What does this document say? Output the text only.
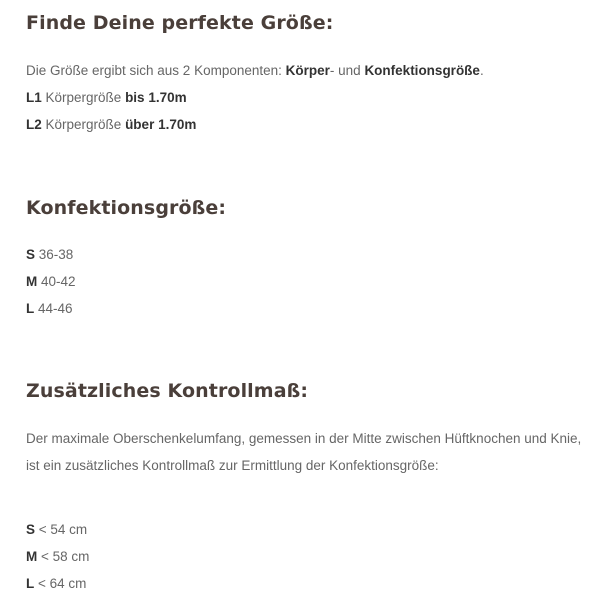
Finde Deine perfekte Größe:

Die Größe ergibt sich aus 2 Komponenten: Körper- und Konfektionsgröße.

L1 Körpergröße bis 1.70m

L2 Körpergröße über 1.70m

Konfektionsgröße:

S 36-38

M 40-42

L 44-46

Zusätzliches Kontrollmaß:

Der maximale Oberschenkelumfang, gemessen in der Mitte zwischen Hüftknochen und Knie, ist ein zusätzliches Kontrollmaß zur Ermittlung der Konfektionsgröße:

S < 54 cm

M < 58 cm

L < 64 cm
